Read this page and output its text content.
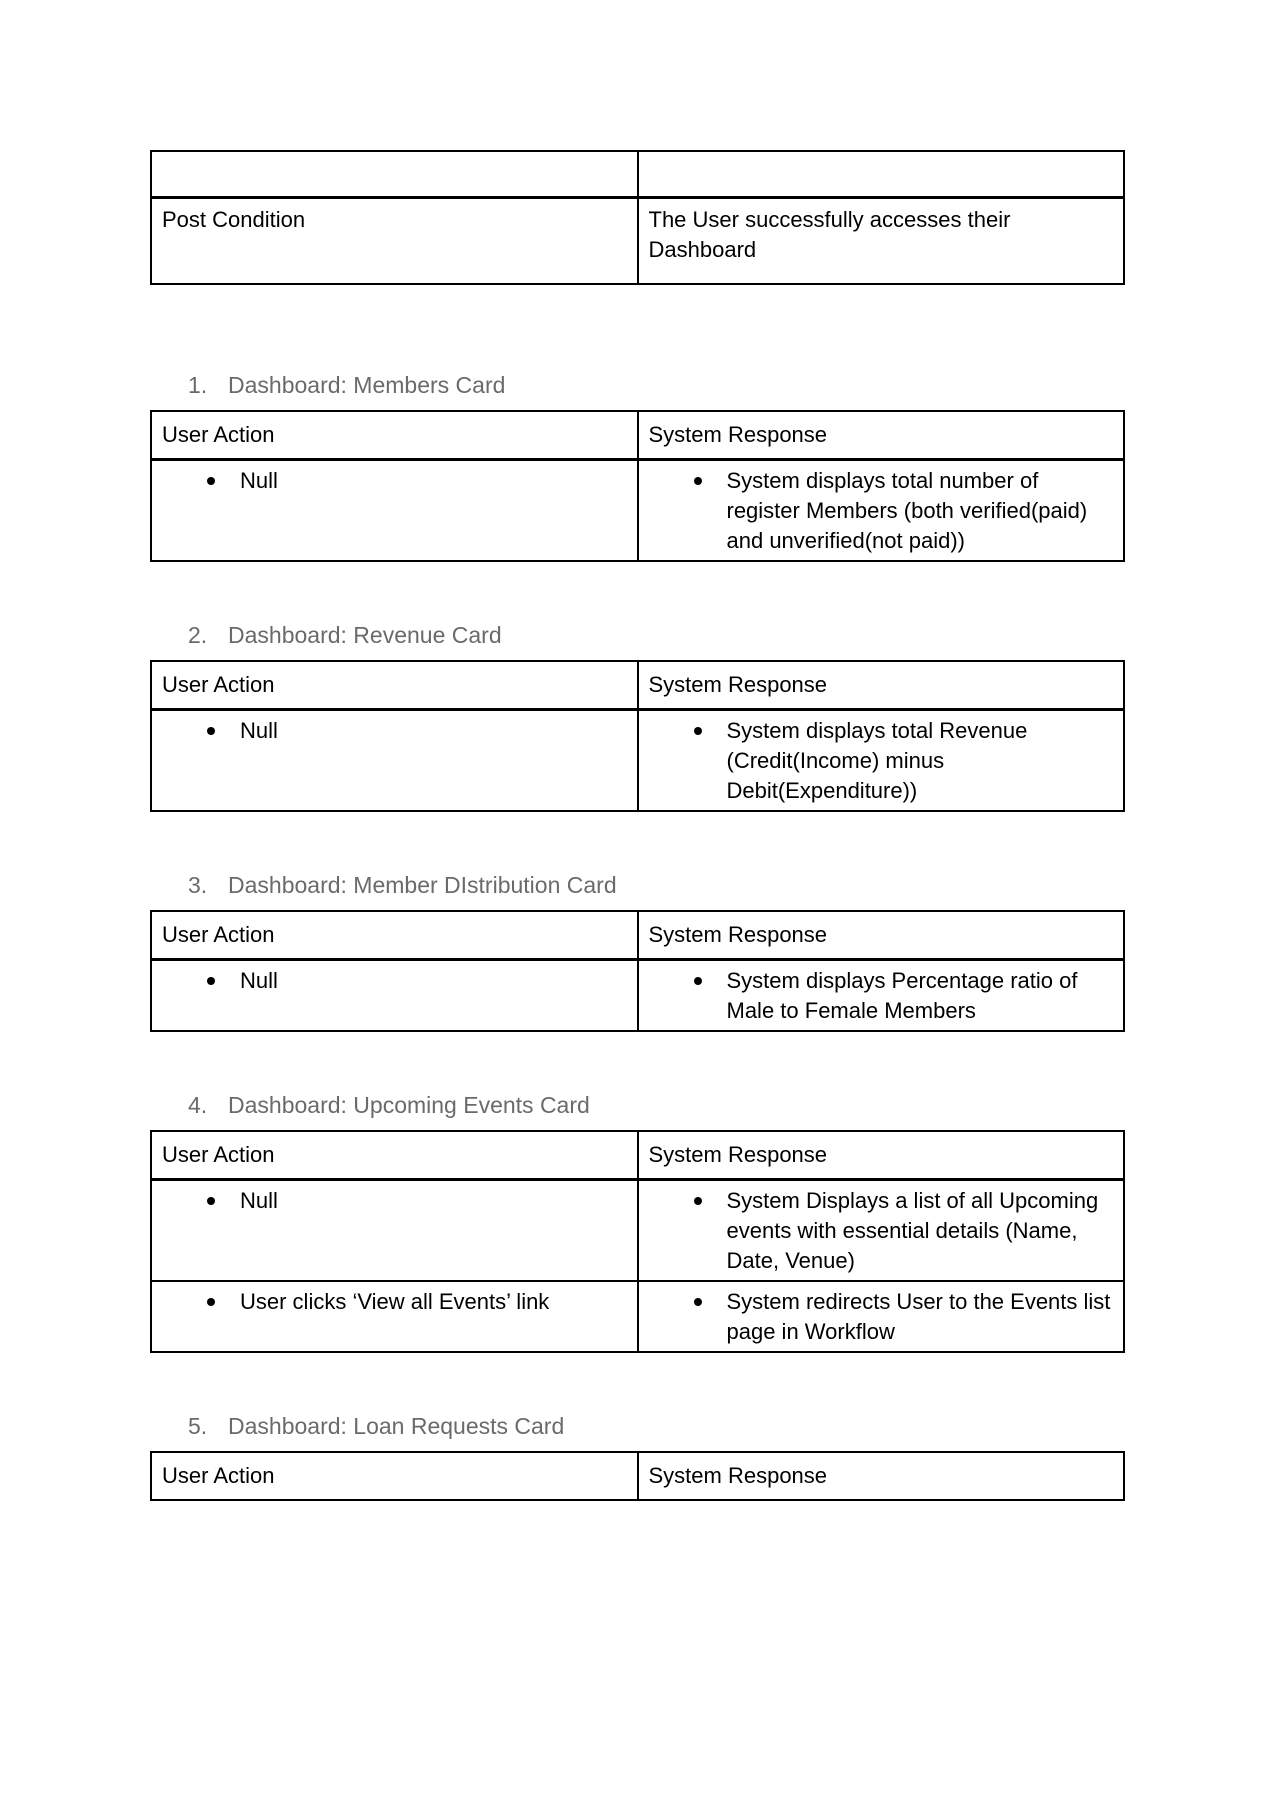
Post Condition	The User successfully accesses their Dashboard
1. Dashboard: Members Card
User Action	System Response

Null	System displays total number of register Members (both verified(paid) and unverified(not paid))
2. Dashboard: Revenue Card
User Action	System Response

Null	System displays total Revenue (Credit(Income) minus Debit(Expenditure))
3. Dashboard: Member DIstribution Card
User Action	System Response

Null	System displays Percentage ratio of Male to Female Members
4. Dashboard: Upcoming Events Card
User Action	System Response

Null	System Displays a list of all Upcoming events with essential details (Name, Date, Venue)

User clicks ‘View all Events’ link	System redirects User to the Events list page in Workflow
5. Dashboard: Loan Requests Card
User Action	System Response
